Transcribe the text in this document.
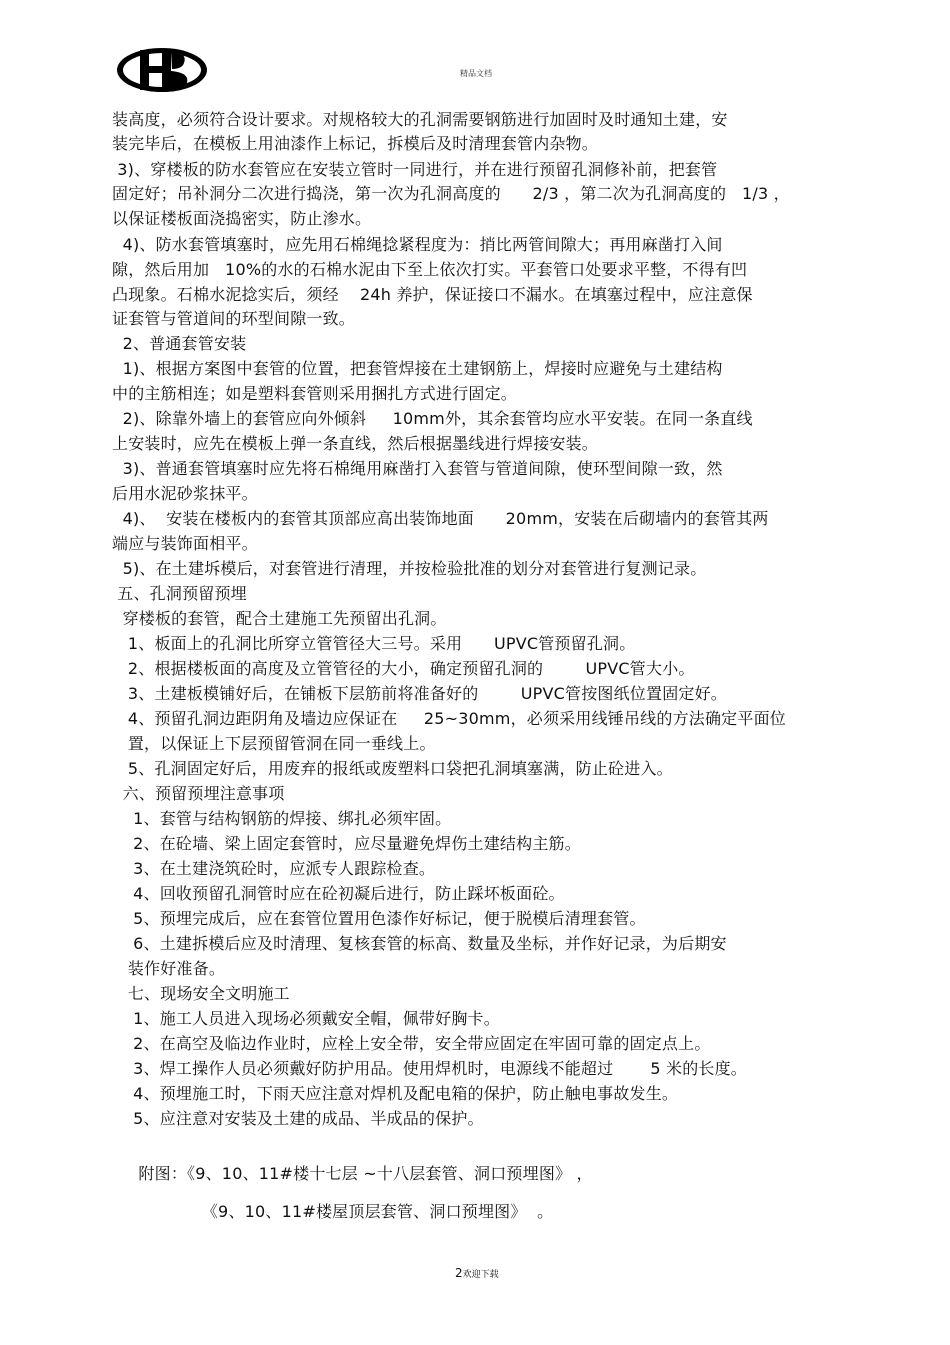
精品文档
装高度，必须符合设计要求。对规格较大的孔洞需要钢筋进行加固时及时通知土建，安
装完毕后，在模板上用油漆作上标记，拆模后及时清理套管内杂物。
3)、穿楼板的防水套管应在安装立管时一同进行，并在进行预留孔洞修补前，把套管
固定好；吊补洞分二次进行捣浇，第一次为孔洞高度的      2/3 ，第二次为孔洞高度的   1/3 ，
以保证楼板面浇捣密实，防止渗水。
4)、防水套管填塞时，应先用石棉绳捻紧程度为：捎比两管间隙大；再用麻凿打入间
隙，然后用加   10%的水的石棉水泥由下至上依次打实。平套管口处要求平整，不得有凹
凸现象。石棉水泥捻实后，须经    24h 养护，保证接口不漏水。在填塞过程中，应注意保
证套管与管道间的环型间隙一致。
2、普通套管安装
1)、根据方案图中套管的位置，把套管焊接在土建钢筋上，焊接时应避免与土建结构
中的主筋相连；如是塑料套管则采用捆扎方式进行固定。
2)、除靠外墙上的套管应向外倾斜     10mm外，其余套管均应水平安装。在同一条直线
上安装时，应先在模板上弹一条直线，然后根据墨线进行焊接安装。
3)、普通套管填塞时应先将石棉绳用麻凿打入套管与管道间隙，使环型间隙一致，然
后用水泥砂浆抹平。
4)、  安装在楼板内的套管其顶部应高出装饰地面      20mm，安装在后砌墙内的套管其两
端应与装饰面相平。
5)、在土建坼模后，对套管进行清理，并按检验批准的划分对套管进行复测记录。
五、孔洞预留预埋
穿楼板的套管，配合土建施工先预留出孔洞。
1、板面上的孔洞比所穿立管管径大三号。采用      UPVC管预留孔洞。
2、根据楼板面的高度及立管管径的大小，确定预留孔洞的        UPVC管大小。
3、土建板模铺好后，在铺板下层筋前将准备好的        UPVC管按图纸位置固定好。
4、预留孔洞边距阴角及墙边应保证在     25~30mm，必须采用线锤吊线的方法确定平面位
置，以保证上下层预留管洞在同一垂线上。
5、孔洞固定好后，用废弃的报纸或废塑料口袋把孔洞填塞满，防止砼进入。
六、预留预埋注意事项
1、套管与结构钢筋的焊接、绑扎必须牢固。
2、在砼墙、梁上固定套管时，应尽量避免焊伤土建结构主筋。
3、在土建浇筑砼时，应派专人跟踪检查。
4、回收预留孔洞管时应在砼初凝后进行，防止踩坏板面砼。
5、预埋完成后，应在套管位置用色漆作好标记，便于脱模后清理套管。
6、土建拆模后应及时清理、复核套管的标高、数量及坐标，并作好记录，为后期安
装作好准备。
七、现场安全文明施工
1、施工人员进入现场必须戴安全帽，佩带好胸卡。
2、在高空及临边作业时，应栓上安全带，安全带应固定在牢固可靠的固定点上。
3、焊工操作人员必须戴好防护用品。使用焊机时，电源线不能超过       5 米的长度。
4、预埋施工时，下雨天应注意对焊机及配电箱的保护，防止触电事故发生。
5、应注意对安装及土建的成品、半成品的保护。
附图：《9、10、11#楼十七层 ~十八层套管、洞口预埋图》 ，
《9、10、11#楼屋顶层套管、洞口预埋图》  。
2欢迎下载
